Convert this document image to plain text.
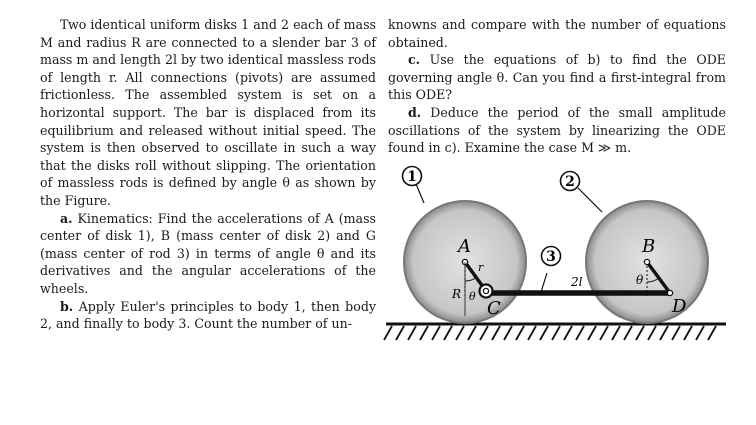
Two identical uniform disks 1 and 2 each of mass M and radius R are connected to a slender bar 3 of mass m and length 2l by two identical massless rods of length r. All connections (pivots) are assumed frictionless. The assembled system is set on a horizontal support. The bar is displaced from its equilibrium and released without initial speed. The system is then observed to oscillate in such a way that the disks roll without slipping. The orientation of massless rods is defined by angle θ as shown by the Figure.

a. Kinematics: Find the accelerations of A (mass center of disk 1), B (mass center of disk 2) and G (mass center of rod 3) in terms of angle θ and its derivatives and the angular accelerations of the wheels.

b. Apply Euler's principles to body 1, then body 2, and finally to body 3. Count the number of un-

knowns and compare with the number of equations obtained.

c. Use the equations of b) to find the ODE governing angle θ. Can you find a first-integral from this ODE?

d. Deduce the period of the small amplitude oscillations of the system by linearizing the ODE found in c). Examine the case M ≫ m.

1	2
3
2l
A	B
C	D
r
R θ
θ
